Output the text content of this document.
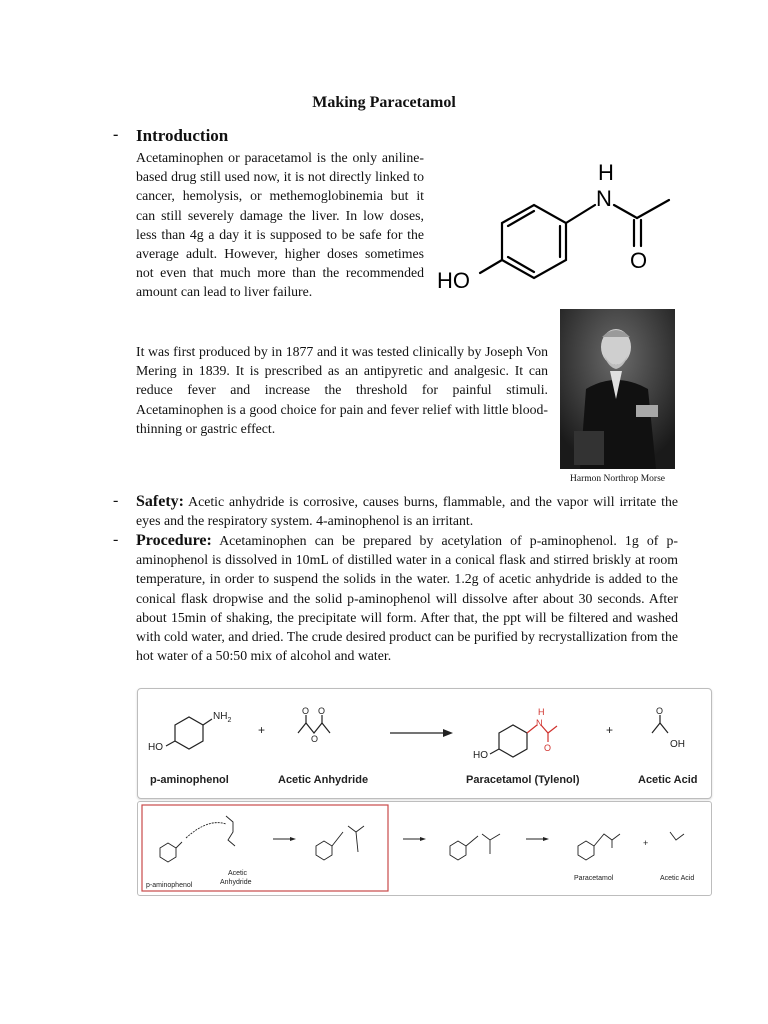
Making Paracetamol
- Introduction
Acetaminophen or paracetamol is the only aniline-based drug still used now, it is not directly linked to cancer, hemolysis, or methemoglobinemia but it can still severely damage the liver. In low doses, less than 4g a day it is supposed to be safe for the average adult. However, higher doses sometimes not even that much more than the recommended amount can lead to liver failure.
H
N
O
HO
It was first produced by in 1877 and it was tested clinically by Joseph Von Mering in 1839. It is prescribed as an antipyretic and analgesic. It can reduce fever and increase the threshold for painful stimuli. Acetaminophen is a good choice for pain and fever relief with little blood-thinning or gastric effect.
Harmon Northrop Morse
- Safety: Acetic anhydride is corrosive, causes burns, flammable, and the vapor will irritate the eyes and the respiratory system. 4-aminophenol is an irritant.
- Procedure: Acetaminophen can be prepared by acetylation of p-aminophenol. 1g of p-aminophenol is dissolved in 10mL of distilled water in a conical flask and stirred briskly at room temperature, in order to suspend the solids in the water. 1.2g of acetic anhydride is added to the conical flask dropwise and the solid p-aminophenol will dissolve after about 30 seconds. After about 15min of shaking, the precipitate will form. After that, the ppt will be filtered and washed with cold water, and dried. The crude desired product can be purified by recrystallization from the hot water of a 50:50 mix of alcohol and water.
$NH_2$
HO
+
O O
O
H
N
O
HO
+
O
OH
p-aminophenol	Acetic Anhydride	Paracetamol (Tylenol)	Acetic Acid
p-aminophenol
Acetic
Anhydride
+
Paracetamol	Acetic Acid
